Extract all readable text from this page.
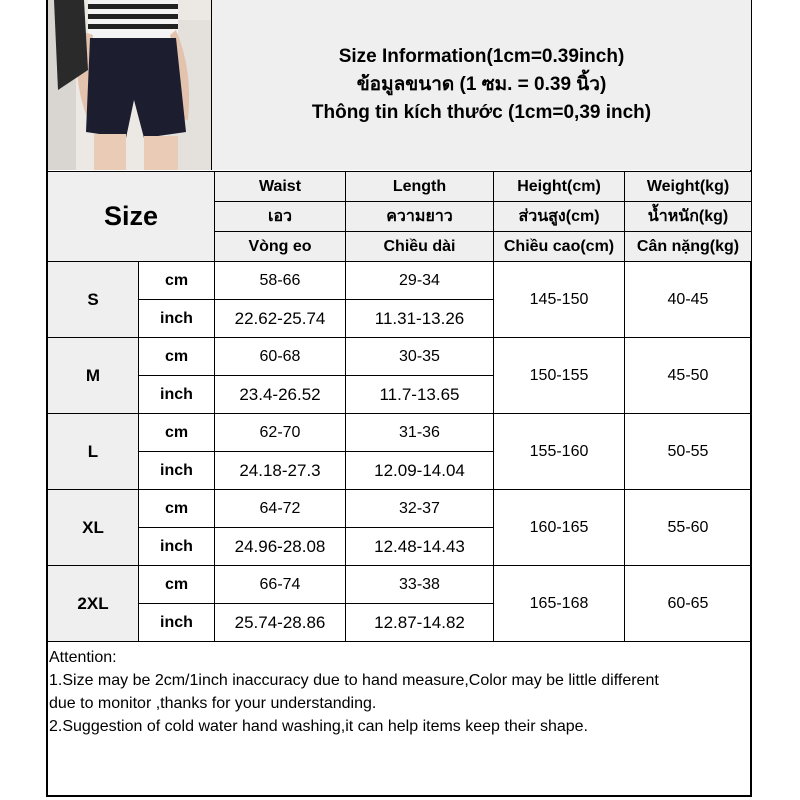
Size Information(1cm=0.39inch)
ข้อมูลขนาด (1 ซม. = 0.39 นิ้ว)
Thông tin kích thước (1cm=0,39 inch)
Size		Waist	Length	Height(cm)	Weight(kg)
		เอว	ความยาว	ส่วนสูง(cm)	น้ำหนัก(kg)
		Vòng eo	Chiều dài	Chiều cao(cm)	Cân nặng(kg)
S	cm	58-66	29-34	145-150	40-45
	inch	22.62-25.74	11.31-13.26		
M	cm	60-68	30-35	150-155	45-50
	inch	23.4-26.52	11.7-13.65		
L	cm	62-70	31-36	155-160	50-55
	inch	24.18-27.3	12.09-14.04		
XL	cm	64-72	32-37	160-165	55-60
	inch	24.96-28.08	12.48-14.43		
2XL	cm	66-74	33-38	165-168	60-65
	inch	25.74-28.86	12.87-14.82		

Attention:

1.Size may be 2cm/1inch inaccuracy due to hand measure,Color may be little different

due to monitor ,thanks for your understanding.

2.Suggestion of cold water hand washing,it can help items keep their shape.
